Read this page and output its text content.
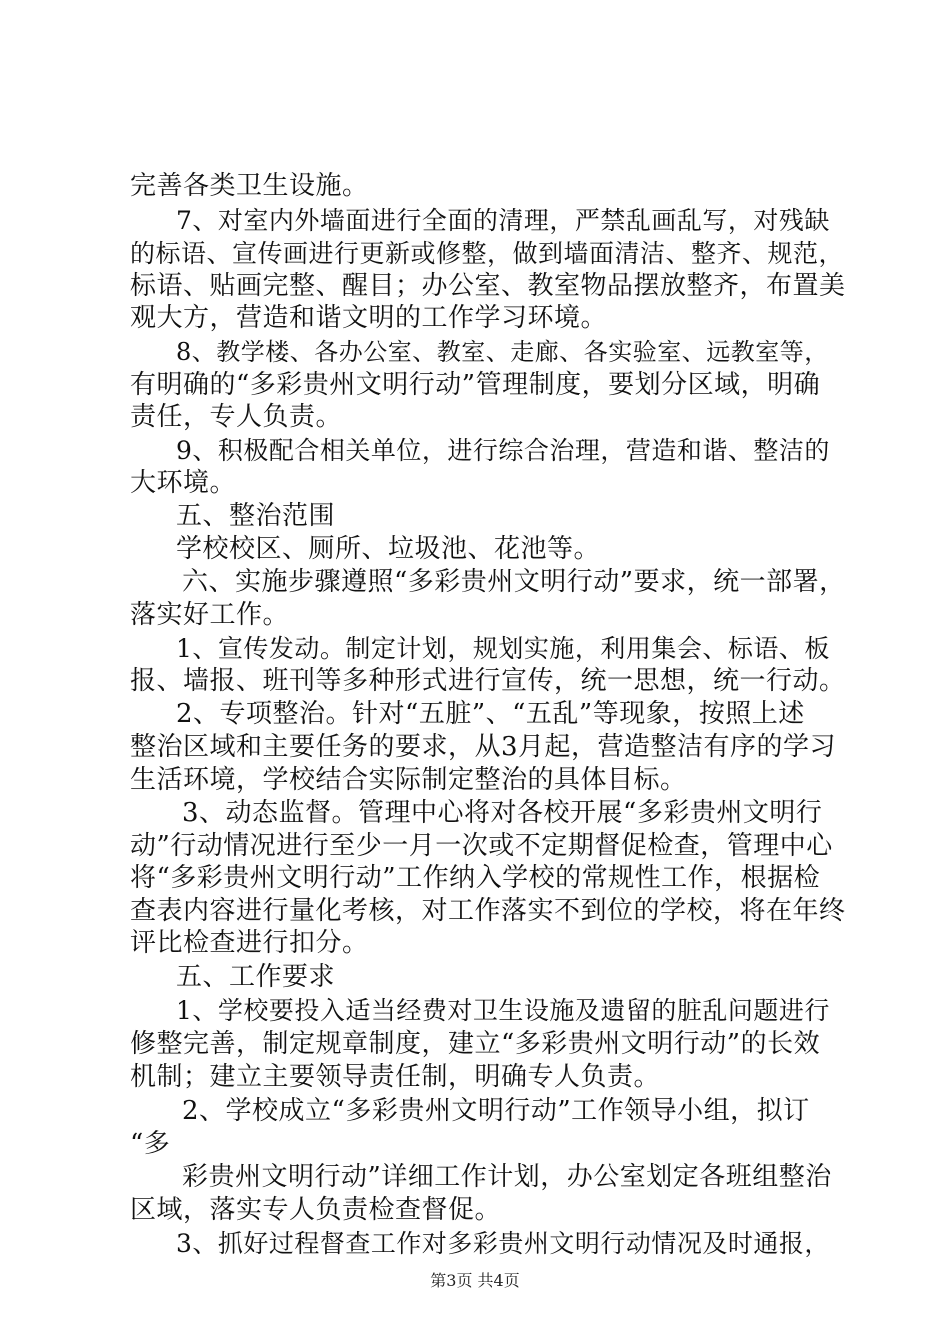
完善各类卫生设施。
7、对室内外墙面进行全面的清理，严禁乱画乱写，对残缺
的标语、宣传画进行更新或修整，做到墙面清洁、整齐、规范，
标语、贴画完整、醒目；办公室、教室物品摆放整齐，布置美
观大方，营造和谐文明的工作学习环境。
8、教学楼、各办公室、教室、走廊、各实验室、远教室等，
有明确的“多彩贵州文明行动”管理制度，要划分区域，明确
责任，专人负责。
9、积极配合相关单位，进行综合治理，营造和谐、整洁的
大环境。
五、整治范围
学校校区、厕所、垃圾池、花池等。
六、实施步骤遵照“多彩贵州文明行动”要求，统一部署，
落实好工作。
1、宣传发动。制定计划，规划实施，利用集会、标语、板
报、墙报、班刊等多种形式进行宣传，统一思想，统一行动。
2、专项整治。针对“五脏”、“五乱”等现象，按照上述
整治区域和主要任务的要求，从3月起，营造整洁有序的学习
生活环境，学校结合实际制定整治的具体目标。
3、动态监督。管理中心将对各校开展“多彩贵州文明行
动”行动情况进行至少一月一次或不定期督促检查，管理中心
将“多彩贵州文明行动”工作纳入学校的常规性工作，根据检
查表内容进行量化考核，对工作落实不到位的学校，将在年终
评比检查进行扣分。
五、工作要求
1、学校要投入适当经费对卫生设施及遗留的脏乱问题进行
修整完善，制定规章制度，建立“多彩贵州文明行动”的长效
机制；建立主要领导责任制，明确专人负责。
2、学校成立“多彩贵州文明行动”工作领导小组，拟订
“多
彩贵州文明行动”详细工作计划，办公室划定各班组整治
区域，落实专人负责检查督促。
3、抓好过程督查工作对多彩贵州文明行动情况及时通报，
第3页 共4页
